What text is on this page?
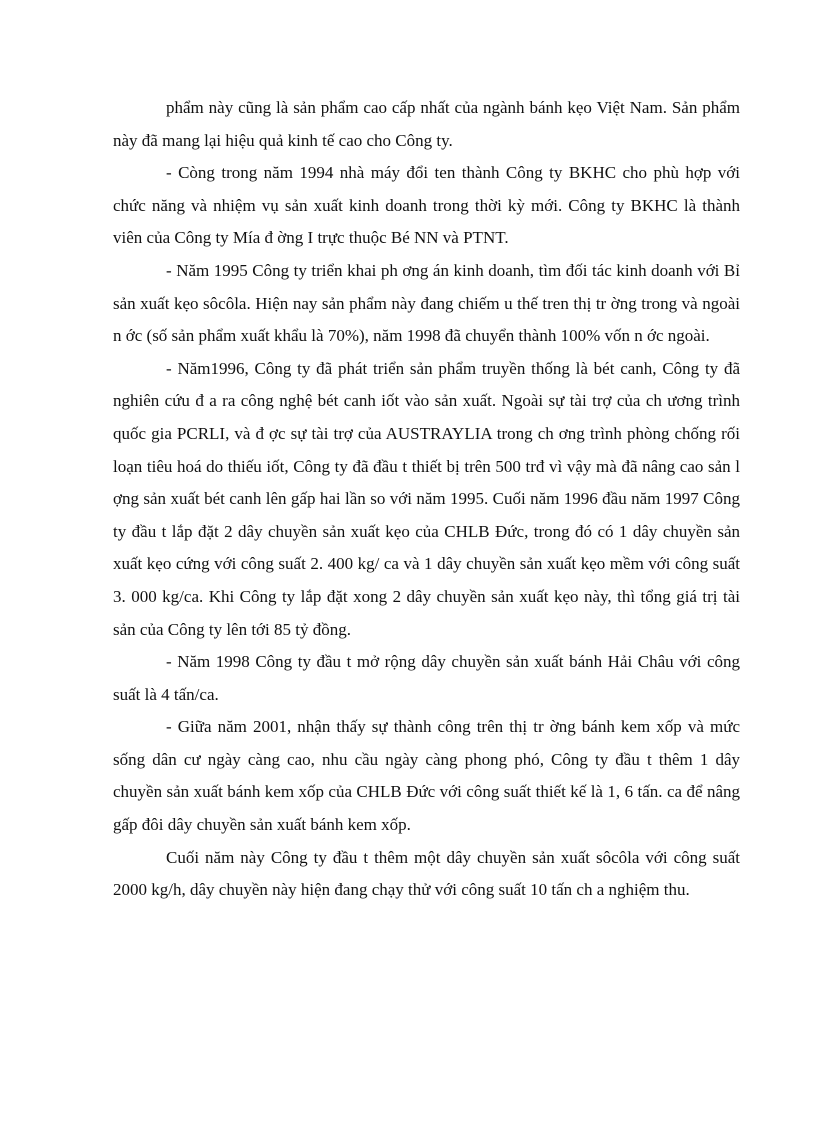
phẩm này cũng là sản phẩm cao cấp nhất của ngành bánh kẹo Việt Nam. Sản phẩm này đã mang lại hiệu quả kinh tế cao cho Công ty.

- Còng trong năm 1994 nhà máy đổi ten thành Công ty BKHC cho phù hợp với chức năng và nhiệm vụ sản xuất kinh doanh trong thời kỳ mới. Công ty BKHC là thành viên của Công ty Mía đ ờng I trực thuộc Bé NN và PTNT.

- Năm 1995 Công ty triển khai ph ơng án kinh doanh, tìm đối tác kinh doanh với Bỉ sản xuất kẹo sôcôla. Hiện nay sản phẩm này đang chiếm u thế tren thị tr ờng trong và ngoài n ớc (số sản phẩm xuất khẩu là 70%), năm 1998 đã chuyển thành 100% vốn n ớc ngoài.

- Năm1996, Công ty đã phát triển sản phẩm truyền thống là bét canh, Công ty đã nghiên cứu đ a ra công nghệ bét canh iốt vào sản xuất. Ngoài sự tài trợ của ch ương trình quốc gia PCRLI, và đ ợc sự tài trợ của AUSTRAYLIA trong ch ơng trình phòng chống rối loạn tiêu hoá do thiếu iốt, Công ty đã đầu t thiết bị trên 500 trđ vì vậy mà đã nâng cao sản l ợng sản xuất bét canh lên gấp hai lần so với năm 1995. Cuối năm 1996 đầu năm 1997 Công ty đầu t lắp đặt 2 dây chuyền sản xuất kẹo của CHLB Đức, trong đó có 1 dây chuyền sản xuất kẹo cứng với công suất 2. 400 kg/ ca và 1 dây chuyền sản xuất kẹo mềm với công suất 3. 000 kg/ca. Khi Công ty lắp đặt xong 2 dây chuyền sản xuất kẹo này, thì tổng giá trị tài sản của Công ty lên tới 85 tỷ đồng.

- Năm 1998 Công ty đầu t mở rộng dây chuyền sản xuất bánh Hải Châu với công suất là 4 tấn/ca.

- Giữa năm 2001, nhận thấy sự thành công trên thị tr ờng bánh kem xốp và mức sống dân cư ngày càng cao, nhu cầu ngày càng phong phó, Công ty đầu t thêm 1 dây chuyền sản xuất bánh kem xốp của CHLB Đức với công suất thiết kế là 1, 6 tấn. ca để nâng gấp đôi dây chuyền sản xuất bánh kem xốp.

Cuối năm này Công ty đầu t thêm một dây chuyền sản xuất sôcôla với công suất 2000 kg/h, dây chuyền này hiện đang chạy thử với công suất 10 tấn ch a nghiệm thu.
